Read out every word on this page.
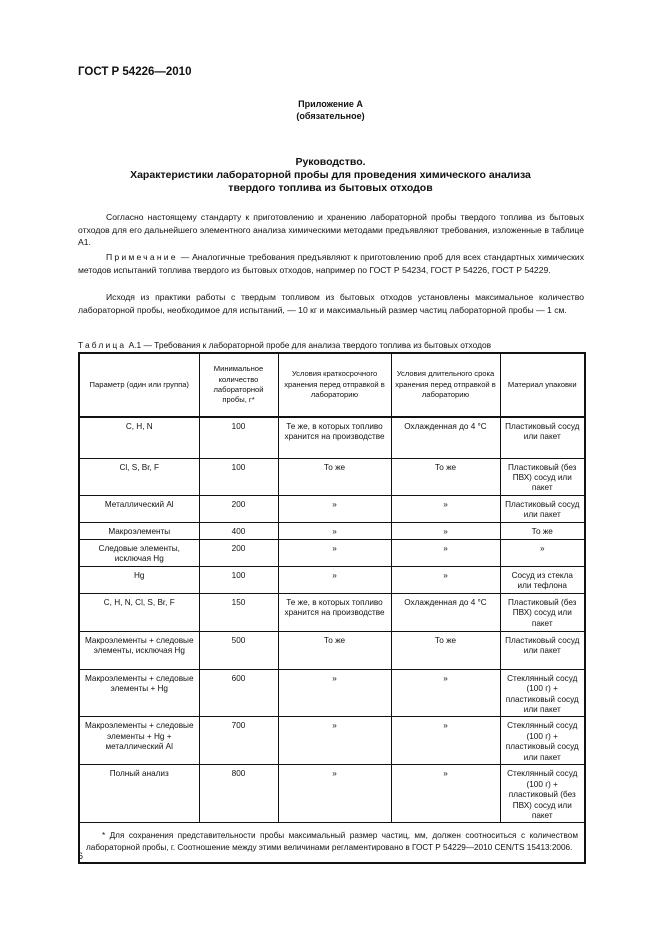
ГОСТ Р 54226—2010
Приложение А
(обязательное)
Руководство.
Характеристики лабораторной пробы для проведения химического анализа
твердого топлива из бытовых отходов

Согласно настоящему стандарту к приготовлению и хранению лабораторной пробы твердого топлива из бытовых отходов для его дальнейшего элементного анализа химическими методами предъявляют требования, изложенные в таблице А1.

Примечание — Аналогичные требования предъявляют к приготовлению проб для всех стандартных химических методов испытаний топлива твердого из бытовых отходов, например по ГОСТ Р 54234, ГОСТ Р 54226, ГОСТ Р 54229.

Исходя из практики работы с твердым топливом из бытовых отходов установлены максимальное количество лабораторной пробы, необходимое для испытаний, — 10 кг и максимальный размер частиц лабораторной пробы — 1 см.

Таблица А.1 — Требования к лабораторной пробе для анализа твердого топлива из бытовых отходов
Параметр (один или группа)	Минимальное количество лабораторной пробы, г*	Условия краткосрочного хранения перед отправкой в лабораторию	Условия длительного срока хранения перед отправкой в лабораторию	Материал упаковки
C, H, N	100	Те же, в которых топливо хранится на производстве	Охлажденная до 4 °С	Пластиковый сосуд или пакет
Cl, S, Br, F	100	То же	То же	Пластиковый (без ПВХ) сосуд или пакет
Металлический Al	200	»	»	Пластиковый сосуд или пакет
Макроэлементы	400	»	»	То же
Следовые элементы, исключая Hg	200	»	»	»
Hg	100	»	»	Сосуд из стекла или тефлона
C, H, N, Cl, S, Br, F	150	Те же, в которых топливо хранится на производстве	Охлажденная до 4 °С	Пластиковый (без ПВХ) сосуд или пакет
Макроэлементы + следовые элементы, исключая Hg	500	То же	То же	Пластиковый сосуд или пакет
Макроэлементы + следовые элементы + Hg	600	»	»	Стеклянный сосуд (100 г) + пластиковый сосуд или пакет
Макроэлементы + следовые элементы + Hg + металлический Al	700	»	»	Стеклянный сосуд (100 г) + пластиковый сосуд или пакет
Полный анализ	800	»	»	Стеклянный сосуд (100 г) + пластиковый (без ПВХ) сосуд или пакет
* Для сохранения представительности пробы максимальный размер частиц, мм, должен соотноситься с количеством лабораторной пробы, г. Соотношение между этими величинами регламентировано в ГОСТ Р 54229—2010 CEN/TS 15413:2006.				
6
